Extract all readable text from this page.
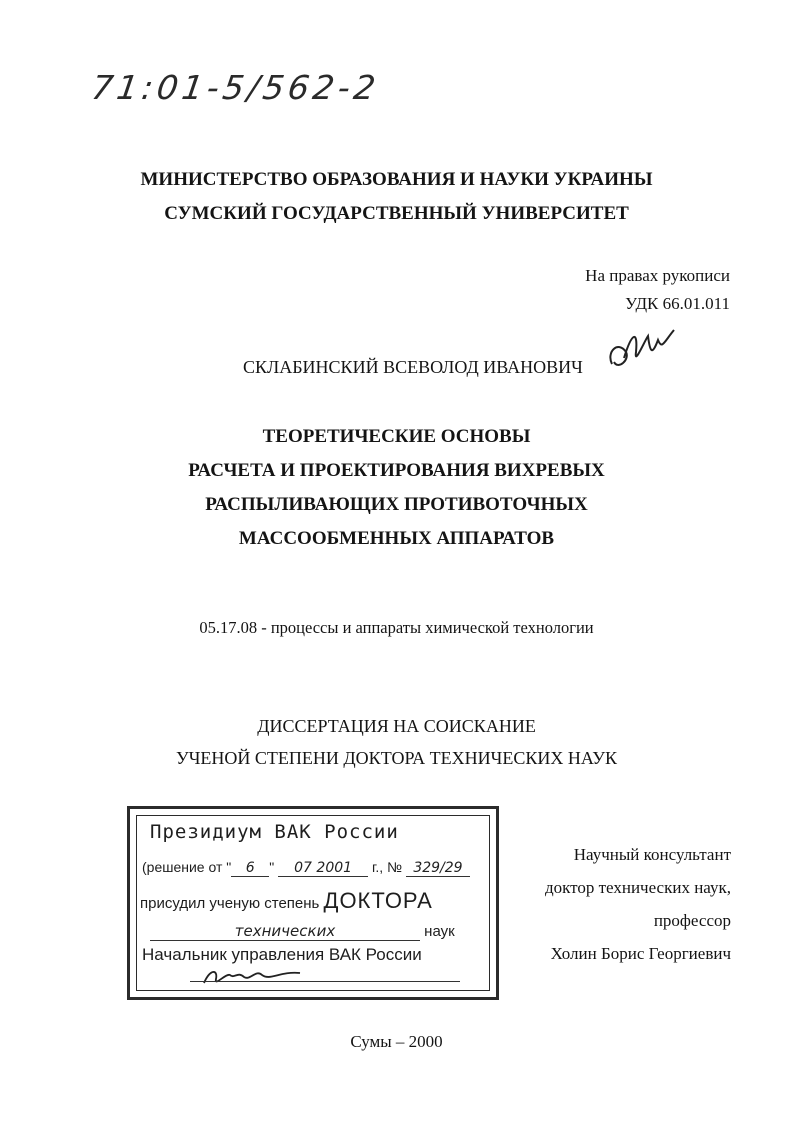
71:01-5/562-2
МИНИСТЕРСТВО ОБРАЗОВАНИЯ И НАУКИ УКРАИНЫ
СУМСКИЙ ГОСУДАРСТВЕННЫЙ УНИВЕРСИТЕТ
На правах рукописи
УДК 66.01.011
СКЛАБИНСКИЙ ВСЕВОЛОД ИВАНОВИЧ
ТЕОРЕТИЧЕСКИЕ ОСНОВЫ
РАСЧЕТА И ПРОЕКТИРОВАНИЯ ВИХРЕВЫХ
РАСПЫЛИВАЮЩИХ ПРОТИВОТОЧНЫХ
МАССООБМЕННЫХ АППАРАТОВ
05.17.08 - процессы и аппараты химической технологии
ДИССЕРТАЦИЯ НА СОИСКАНИЕ
УЧЕНОЙ СТЕПЕНИ ДОКТОРА ТЕХНИЧЕСКИХ НАУК
Президиум ВАК России
(решение от " 6 " 07 2001 г., № 329/29
присудил ученую степень ДОКТОРА
технических	наук
Начальник управления ВАК России
Научный консультант
доктор технических наук,
профессор
Холин Борис Георгиевич
Сумы – 2000
